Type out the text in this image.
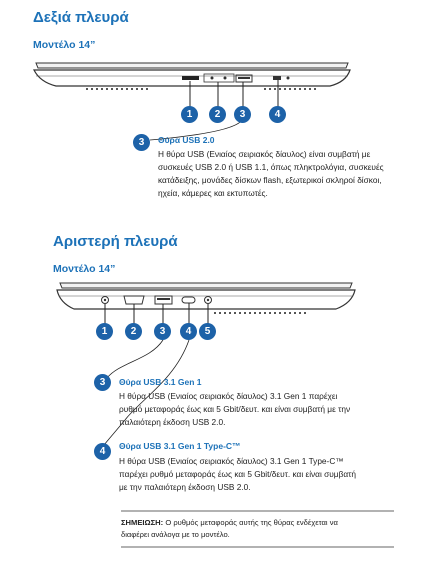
Δεξιά πλευρά
Μοντέλο 14”
1	2	3	4
3	Θύρα USB 2.0
Η θύρα USB (Ενιαίος σειριακός δίαυλος) είναι συμβατή με
συσκευές USB 2.0 ή USB 1.1, όπως πληκτρολόγια, συσκευές
κατάδειξης, μονάδες δίσκων flash, εξωτερικοί σκληροί δίσκοι,
ηχεία, κάμερες και εκτυπωτές.
Αριστερή πλευρά
Μοντέλο 14”
1	2	3	4	5
3	Θύρα USB 3.1 Gen 1
Η θύρα USB (Ενιαίος σειριακός δίαυλος) 3.1 Gen 1 παρέχει
ρυθμό μεταφοράς έως και 5 Gbit/δευτ. και είναι συμβατή με την
παλαιότερη έκδοση USB 2.0.
4	Θύρα USB 3.1 Gen 1 Type-C™
Η θύρα USB (Ενιαίος σειριακός δίαυλος) 3.1 Gen 1 Type-C™
παρέχει ρυθμό μεταφοράς έως και 5 Gbit/δευτ. και είναι συμβατή
με την παλαιότερη έκδοση USB 2.0.
ΣΗΜΕΙΩΣΗ: Ο ρυθμός μεταφοράς αυτής της θύρας ενδέχεται να
διαφέρει ανάλογα με το μοντέλο.
